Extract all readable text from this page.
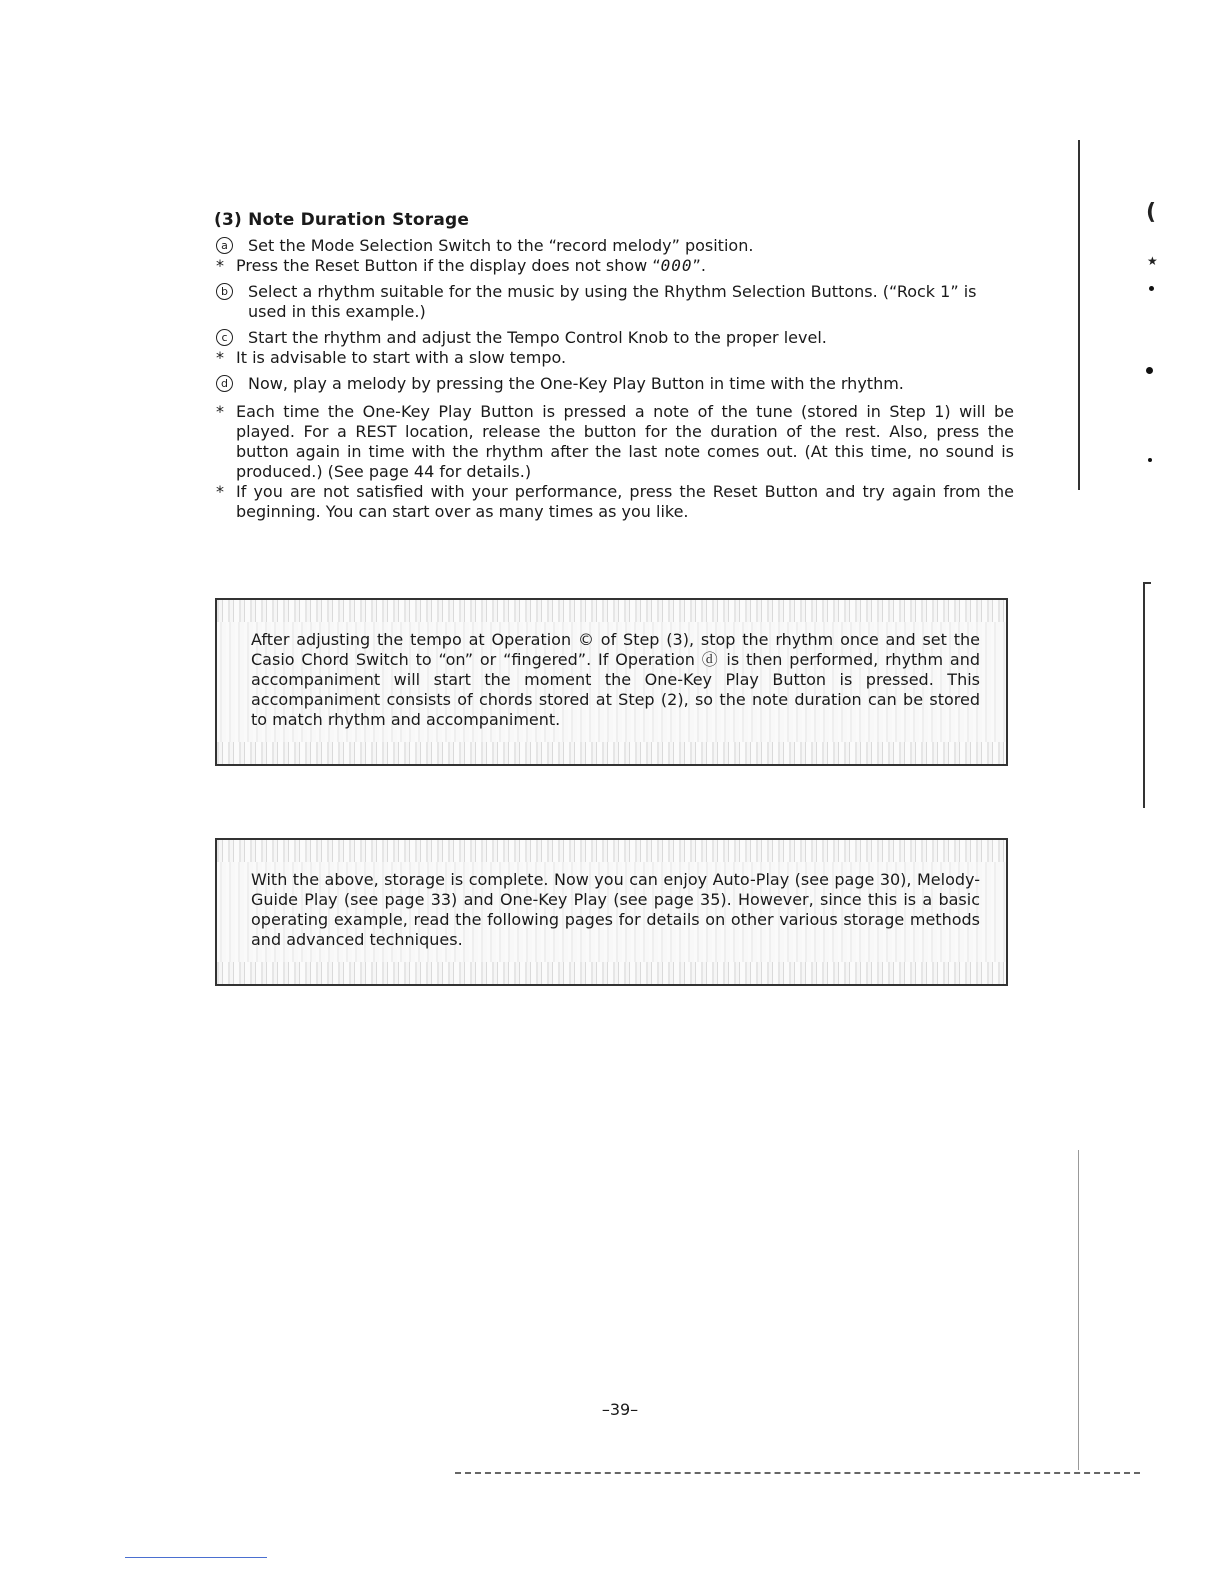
(3) Note Duration Storage
a	Set the Mode Selection Switch to the “record melody” position.
* Press the Reset Button if the display does not show “000”.
b	Select a rhythm suitable for the music by using the Rhythm Selection Buttons. (“Rock 1” is used in this example.)
c	Start the rhythm and adjust the Tempo Control Knob to the proper level.
* It is advisable to start with a slow tempo.
d	Now, play a melody by pressing the One-Key Play Button in time with the rhythm.
* Each time the One-Key Play Button is pressed a note of the tune (stored in Step 1) will be played. For a REST location, release the button for the duration of the rest. Also, press the button again in time with the rhythm after the last note comes out. (At this time, no sound is produced.) (See page 44 for details.)
* If you are not satisfied with your performance, press the Reset Button and try again from the beginning. You can start over as many times as you like.
After adjusting the tempo at Operation © of Step (3), stop the rhythm once and set the Casio Chord Switch to “on” or “fingered”. If Operation ⓓ is then performed, rhythm and accompaniment will start the moment the One-Key Play Button is pressed. This accompaniment consists of chords stored at Step (2), so the note duration can be stored to match rhythm and accompaniment.
With the above, storage is complete. Now you can enjoy Auto-Play (see page 30), Melody-Guide Play (see page 33) and One-Key Play (see page 35). However, since this is a basic operating example, read the following pages for details on other various storage methods and advanced techniques.
–39–
(
★
